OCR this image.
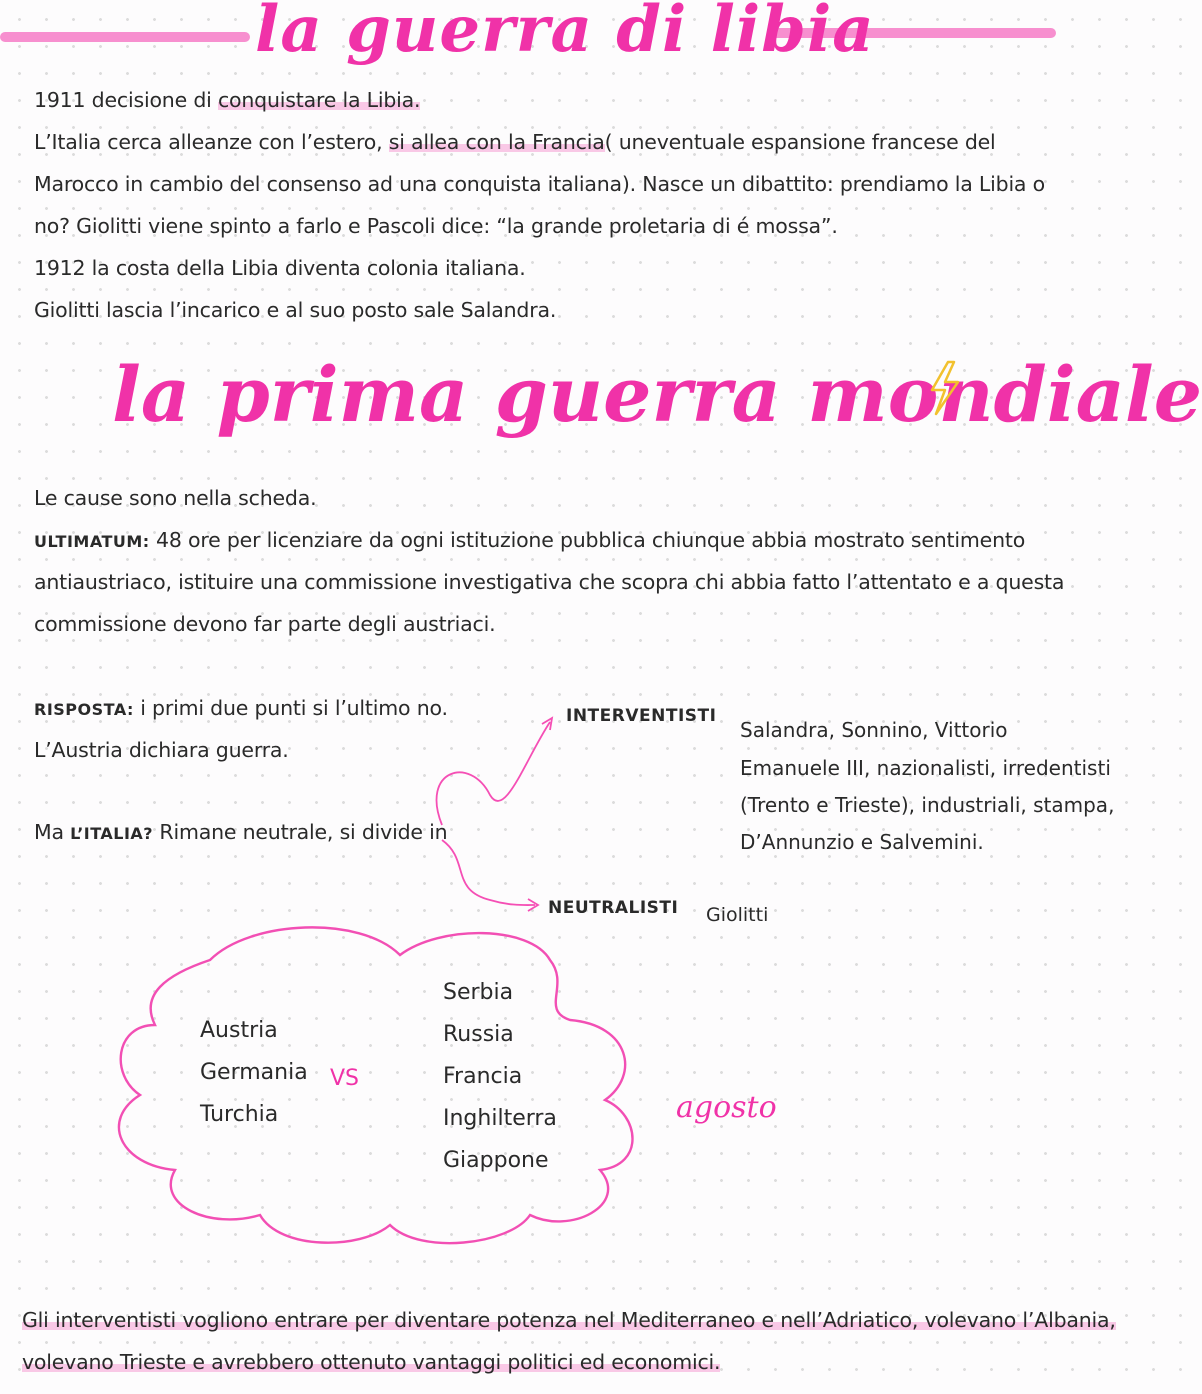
la guerra di libia
1911 decisione di conquistare la Libia.
L’Italia cerca alleanze con l’estero, si allea con la Francia( uneventuale espansione francese del
Marocco in cambio del consenso ad una conquista italiana). Nasce un dibattito: prendiamo la Libia o
no? Giolitti viene spinto a farlo e Pascoli dice: “la grande proletaria di é mossa”.
1912 la costa della Libia diventa colonia italiana.
Giolitti lascia l’incarico e al suo posto sale Salandra.
la prima guerra mondiale
Le cause sono nella scheda.
ULTIMATUM: 48 ore per licenziare da ogni istituzione pubblica chiunque abbia mostrato sentimento
antiaustriaco, istituire una commissione investigativa che scopra chi abbia fatto l’attentato e a questa
commissione devono far parte degli austriaci.
RISPOSTA: i primi due punti si l’ultimo no.
L’Austria dichiara guerra.
Ma L’ITALIA? Rimane neutrale, si divide in
INTERVENTISTI
Salandra, Sonnino, Vittorio
Emanuele III, nazionalisti, irredentisti
(Trento e Trieste), industriali, stampa,
D’Annunzio e Salvemini.
NEUTRALISTI Giolitti
Austria
Germania
Turchia
VS
Serbia
Russia
Francia
Inghilterra
Giappone
agosto
Gli interventisti vogliono entrare per diventare potenza nel Mediterraneo e nell’Adriatico, volevano l’Albania,
volevano Trieste e avrebbero ottenuto vantaggi politici ed economici.
